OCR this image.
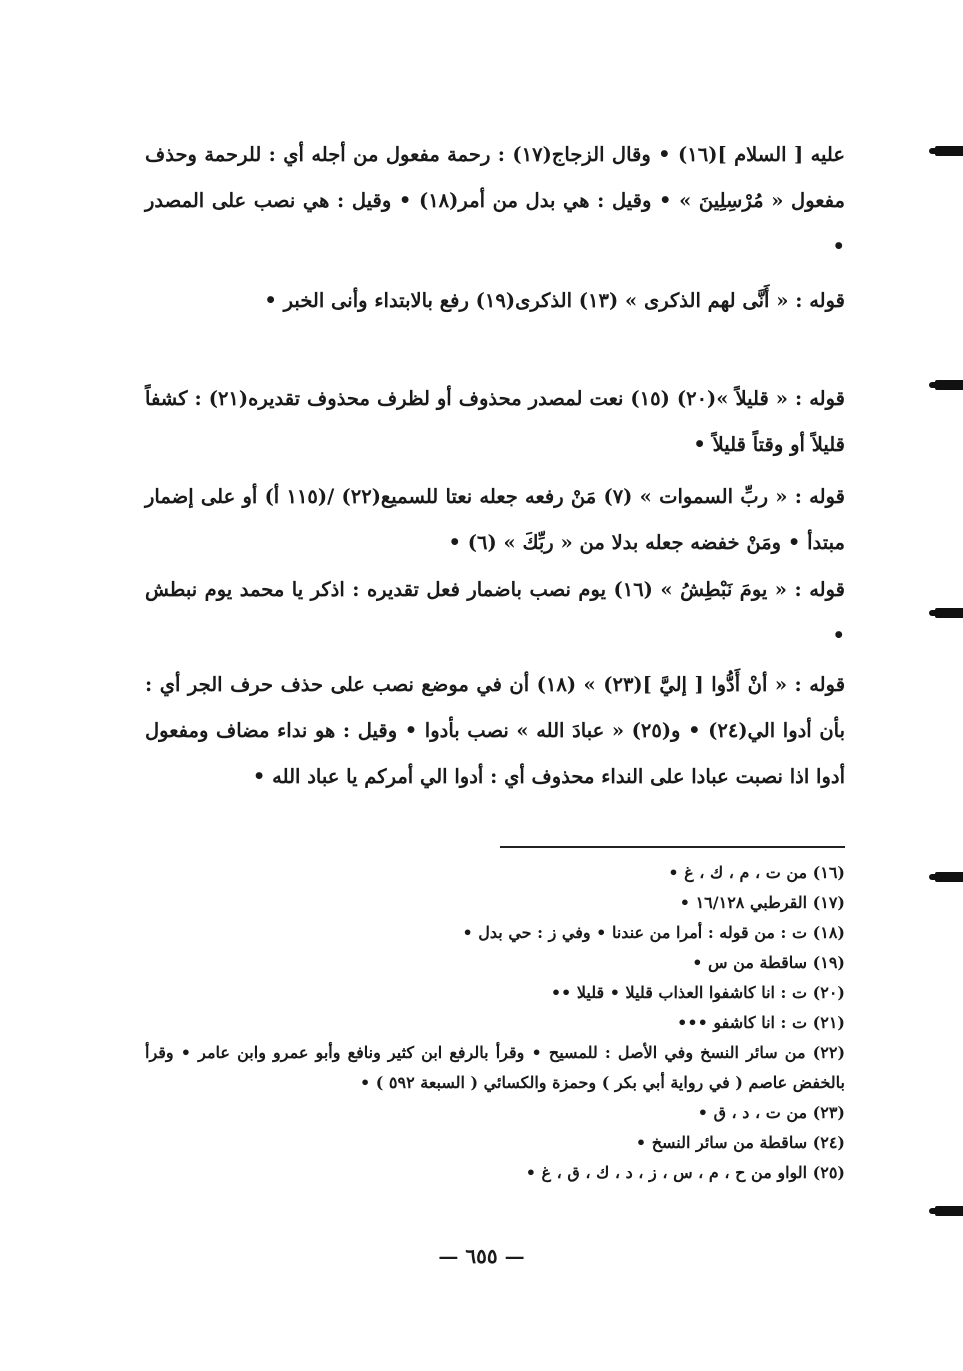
عليه [ السلام ](١٦) • وقال الزجاج(١٧) : رحمة مفعول من أجله أي : للرحمة وحذف مفعول « مُرْسِلِينَ » • وقيل : هي بدل من أمر(١٨) • وقيل : هي نصب على المصدر •

قوله : « أَنَّى لهم الذكرى » (١٣) الذكرى(١٩) رفع بالابتداء وأنى الخبر •

قوله : « قليلاً »(٢٠) (١٥) نعت لمصدر محذوف أو لظرف محذوف تقديره(٢١) : كشفاً قليلاً أو وقتاً قليلاً •

قوله : « ربِّ السموات » (٧) مَنْ رفعه جعله نعتا للسميع(٢٢) /(١١٥ أ) أو على إضمار مبتدأ • ومَنْ خفضه جعله بدلا من « ربِّكَ » (٦) •

قوله : « يومَ نَبْطِشُ » (١٦) يوم نصب باضمار فعل تقديره : اذكر يا محمد يوم نبطش •

قوله : « أنْ أَدُّوا [ إليَّ ](٢٣) » (١٨) أن في موضع نصب على حذف حرف الجر أي : بأن أدوا الي(٢٤) • و(٢٥) « عبادَ الله » نصب بأدوا • وقيل : هو نداء مضاف ومفعول أدوا اذا نصبت عبادا على النداء محذوف أي : أدوا الي أمركم يا عباد الله •

(١٦) من ت ، م ، ك ، غ •
(١٧) القرطبي ١٦/١٢٨ •
(١٨) ت : من قوله : أمرا من عندنا • وفي ز : حي بدل •
(١٩) ساقطة من س •
(٢٠) ت : انا كاشفوا العذاب قليلا • قليلا ••
(٢١) ت : انا كاشفو •••
(٢٢) من سائر النسخ وفي الأصل : للمسيح • وقرأ بالرفع ابن كثير ونافع وأبو عمرو وابن عامر • وقرأ بالخفض عاصم ( في رواية أبي بكر ) وحمزة والكسائي ( السبعة ٥٩٢ ) •
(٢٣) من ت ، د ، ق •
(٢٤) ساقطة من سائر النسخ •
(٢٥) الواو من ح ، م ، س ، ز ، د ، ك ، ق ، غ •
— ٦٥٥ —
